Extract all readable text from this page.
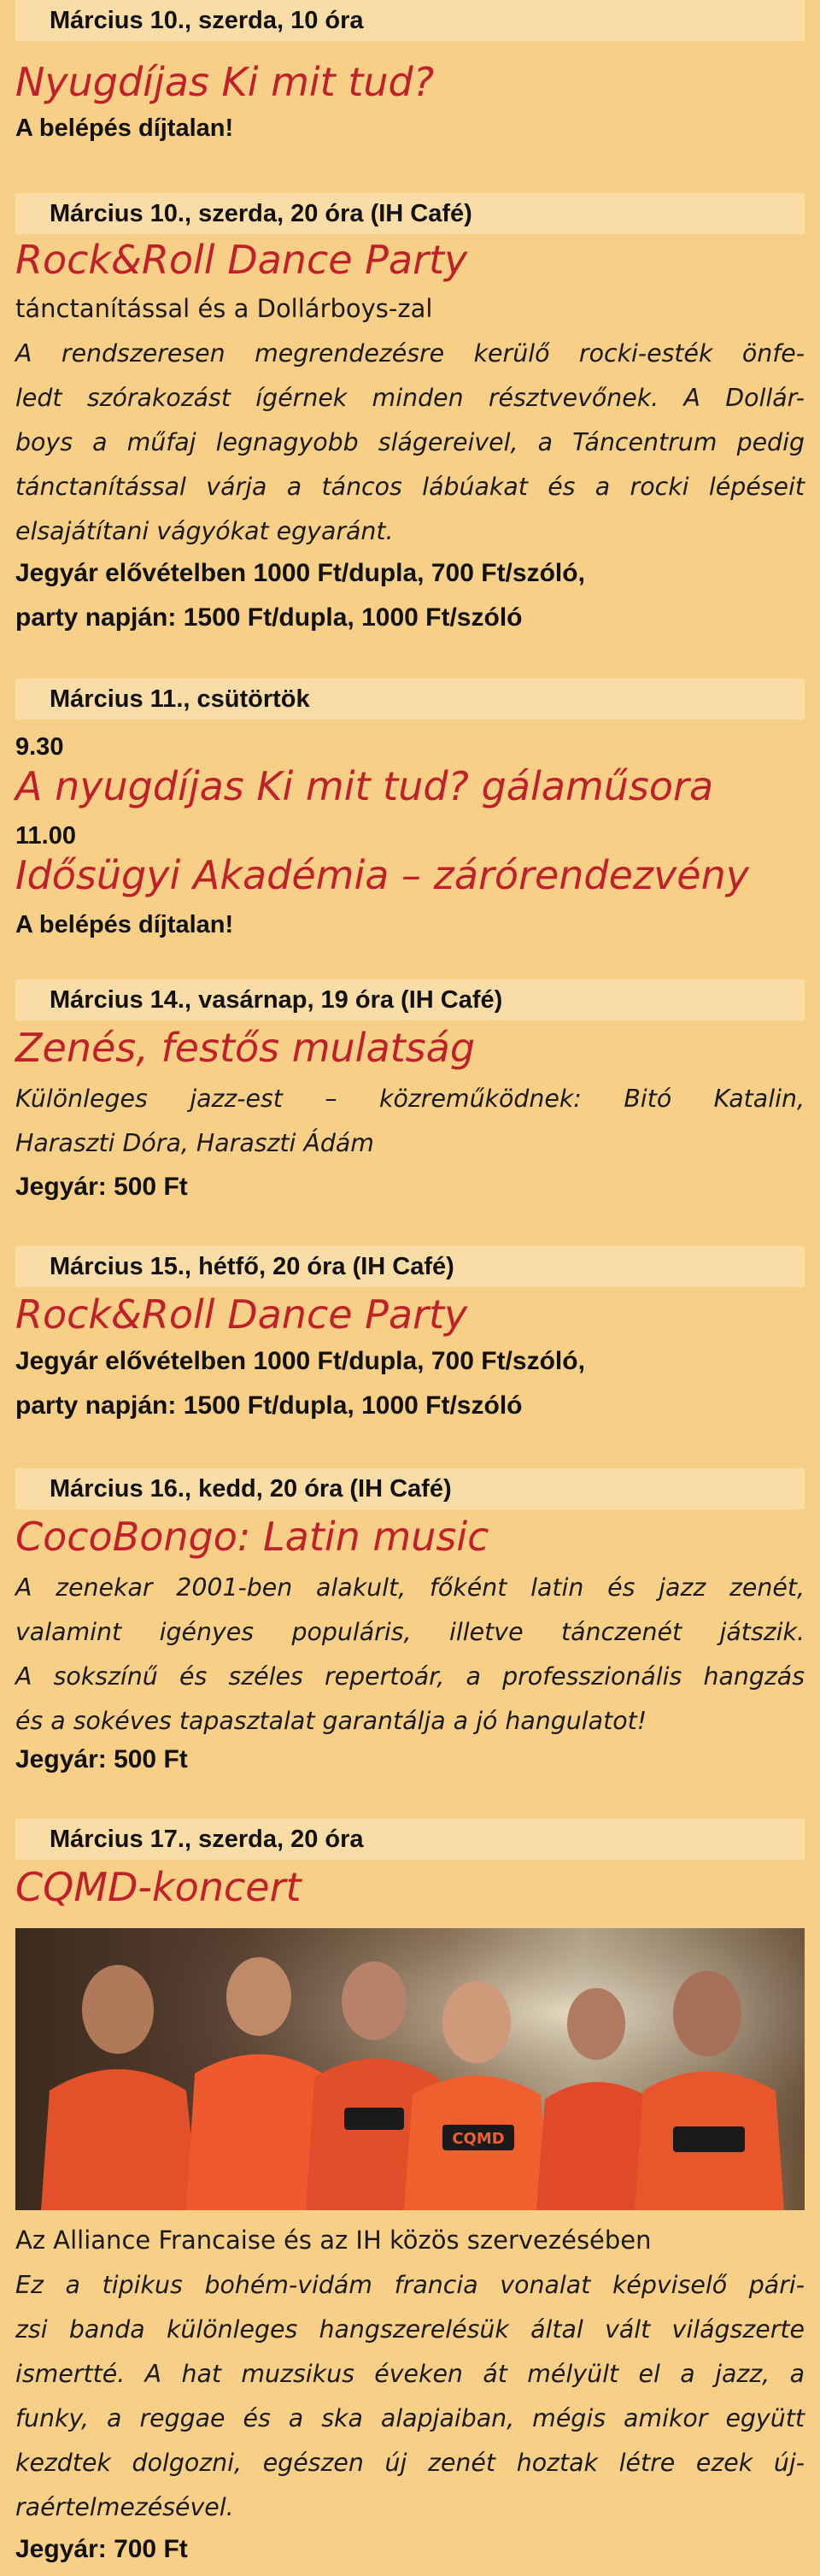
Március 10., szerda, 10 óra
Nyugdíjas Ki mit tud?
A belépés díjtalan!
Március 10., szerda, 20 óra (IH Café)
Rock&Roll Dance Party
tánctanítással és a Dollárboys-zal
A rendszeresen megrendezésre kerülő rocki-esték önfe-
ledt szórakozást ígérnek minden résztvevőnek. A Dollár-
boys a műfaj legnagyobb slágereivel, a Táncentrum pedig
tánctanítással várja a táncos lábúakat és a rocki lépéseit
elsajátítani vágyókat egyaránt.
Jegyár elővételben 1000 Ft/dupla, 700 Ft/szóló,
party napján: 1500 Ft/dupla, 1000 Ft/szóló
Március 11., csütörtök
9.30
A nyugdíjas Ki mit tud? gálaműsora
11.00
Idősügyi Akadémia – zárórendezvény
A belépés díjtalan!
Március 14., vasárnap, 19 óra (IH Café)
Zenés, festős mulatság
Különleges jazz-est – közreműködnek: Bitó Katalin,
Haraszti Dóra, Haraszti Ádám
Jegyár: 500 Ft
Március 15., hétfő, 20 óra (IH Café)
Rock&Roll Dance Party
Jegyár elővételben 1000 Ft/dupla, 700 Ft/szóló,
party napján: 1500 Ft/dupla, 1000 Ft/szóló
Március 16., kedd, 20 óra (IH Café)
CocoBongo: Latin music
A zenekar 2001-ben alakult, főként latin és jazz zenét,
valamint igényes populáris, illetve tánczenét játszik.
A sokszínű és széles repertoár, a professzionális hangzás
és a sokéves tapasztalat garantálja a jó hangulatot!
Jegyár: 500 Ft
Március 17., szerda, 20 óra
CQMD-koncert
CQMD
Az Alliance Francaise és az IH közös szervezésében
Ez a tipikus bohém-vidám francia vonalat képviselő pári-
zsi banda különleges hangszerelésük által vált világszerte
ismertté. A hat muzsikus éveken át mélyült el a jazz, a
funky, a reggae és a ska alapjaiban, mégis amikor együtt
kezdtek dolgozni, egészen új zenét hoztak létre ezek új-
raértelmezésével.
Jegyár: 700 Ft
